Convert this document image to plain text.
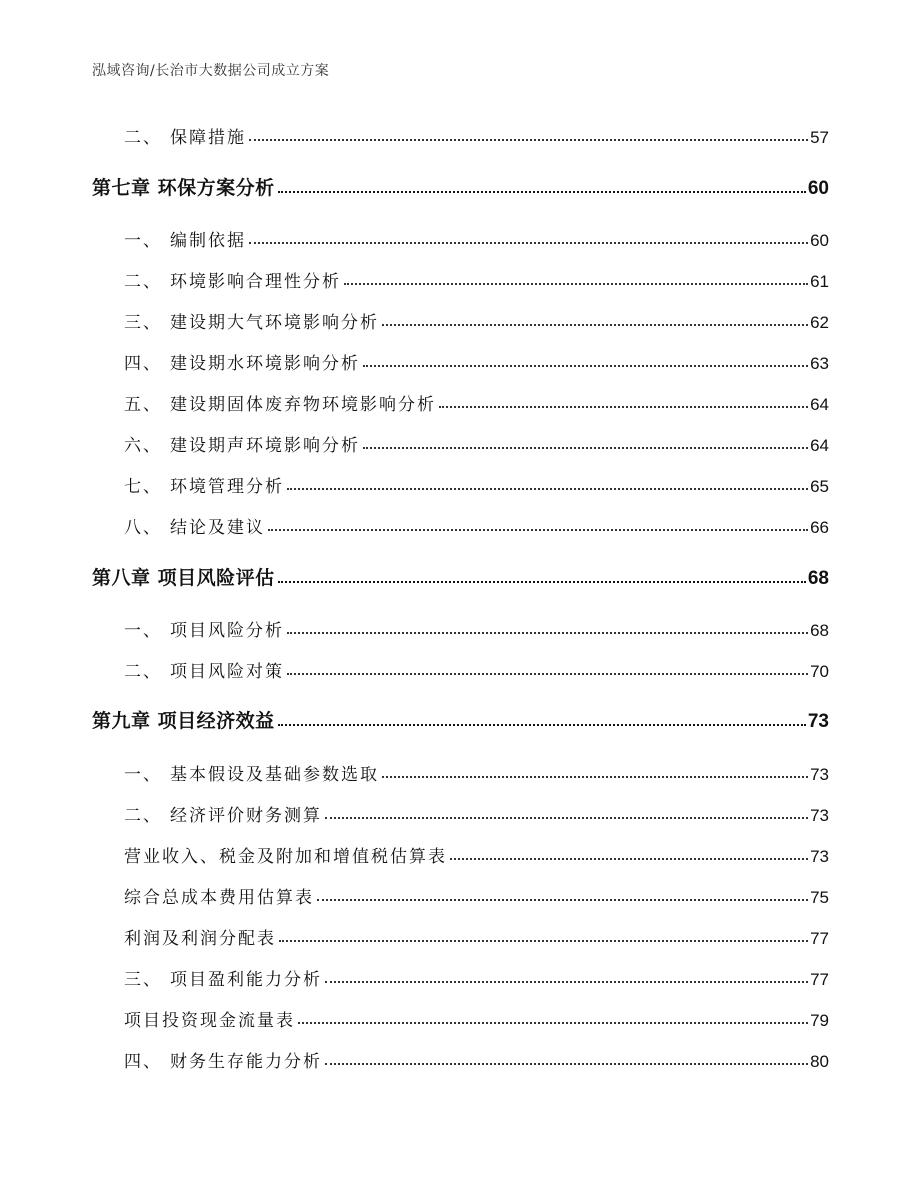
泓域咨询/长治市大数据公司成立方案
二、 保障措施	57
第七章 环保方案分析	60
一、 编制依据	60
二、 环境影响合理性分析	61
三、 建设期大气环境影响分析	62
四、 建设期水环境影响分析	63
五、 建设期固体废弃物环境影响分析	64
六、 建设期声环境影响分析	64
七、 环境管理分析	65
八、 结论及建议	66
第八章 项目风险评估	68
一、 项目风险分析	68
二、 项目风险对策	70
第九章 项目经济效益	73
一、 基本假设及基础参数选取	73
二、 经济评价财务测算	73
营业收入、税金及附加和增值税估算表	73
综合总成本费用估算表	75
利润及利润分配表	77
三、 项目盈利能力分析	77
项目投资现金流量表	79
四、 财务生存能力分析	80
